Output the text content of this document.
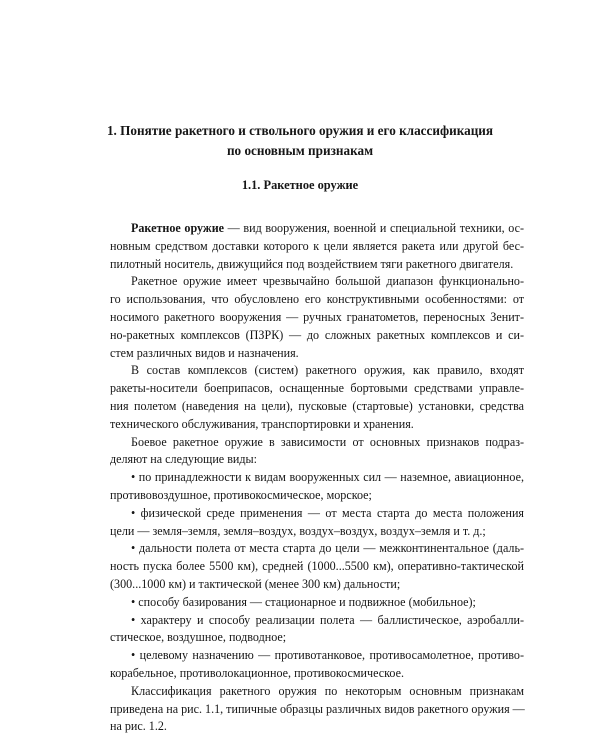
1. Понятие ракетного и ствольного оружия и его классификация
по основным признакам
1.1. Ракетное оружие
Ракетное оружие — вид вооружения, военной и специальной техники, ос-
новным средством доставки которого к цели является ракета или другой бес-
пилотный носитель, движущийся под воздействием тяги ракетного двигателя.
Ракетное оружие имеет чрезвычайно большой диапазон функционально-
го использования, что обусловлено его конструктивными особенностями: от
носимого ракетного вооружения — ручных гранатометов, переносных Зенит-
но-ракетных комплексов (ПЗРК) — до сложных ракетных комплексов и си-
стем различных видов и назначения.
В состав комплексов (систем) ракетного оружия, как правило, входят
ракеты-носители боеприпасов, оснащенные бортовыми средствами управле-
ния полетом (наведения на цели), пусковые (стартовые) установки, средства
технического обслуживания, транспортировки и хранения.
Боевое ракетное оружие в зависимости от основных признаков подраз-
деляют на следующие виды:
• по принадлежности к видам вооруженных сил — наземное, авиационное,
противовоздушное, противокосмическое, морское;
• физической среде применения — от места старта до места положения
цели — земля–земля, земля–воздух, воздух–воздух, воздух–земля и т. д.;
• дальности полета от места старта до цели — межконтинентальное (даль-
ность пуска более 5500 км), средней (1000...5500 км), оперативно-тактической
(300...1000 км) и тактической (менее 300 км) дальности;
• способу базирования — стационарное и подвижное (мобильное);
• характеру и способу реализации полета — баллистическое, аэробалли-
стическое, воздушное, подводное;
• целевому назначению — противотанковое, противосамолетное, противо-
корабельное, противолокационное, противокосмическое.
Классификация ракетного оружия по некоторым основным признакам
приведена на рис. 1.1, типичные образцы различных видов ракетного оружия —
на рис. 1.2.
